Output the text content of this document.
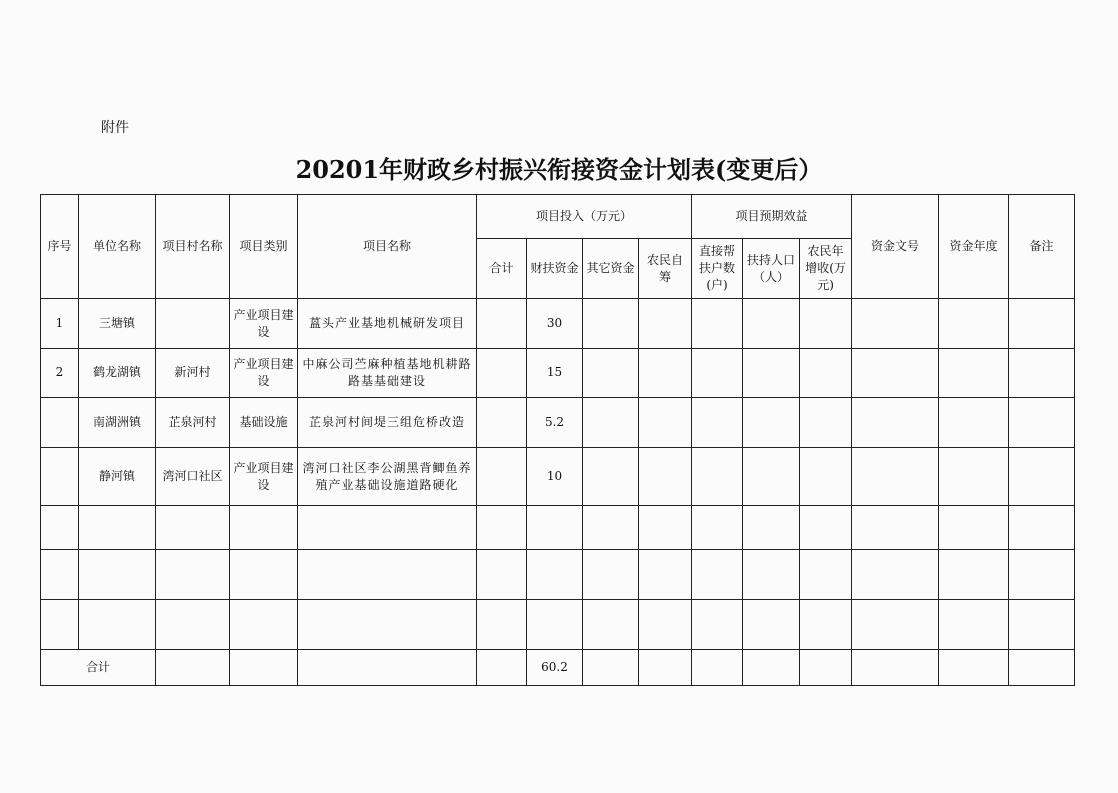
附件
20201年财政乡村振兴衔接资金计划表(变更后）
序号	单位名称	项目村名称	项目类别	项目名称	项目投入（万元）				项目预期效益			资金文号	资金年度	备注
					合计	财扶资金	其它资金	农民自筹	直接帮扶户数(户)	扶持人口（人）	农民年增收(万元)			
1	三塘镇		产业项目建设	蒕头产业基地机械研发项目		30								
2	鹤龙湖镇	新河村	产业项目建设	中麻公司苎麻种植基地机耕路路基基础建设		15								
	南湖洲镇	芷泉河村	基础设施	芷泉河村间堤三组危桥改造		5.2								
	静河镇	湾河口社区	产业项目建设	湾河口社区李公湖黑背鲫鱼养殖产业基础设施道路硬化		10								

合计						60.2								
